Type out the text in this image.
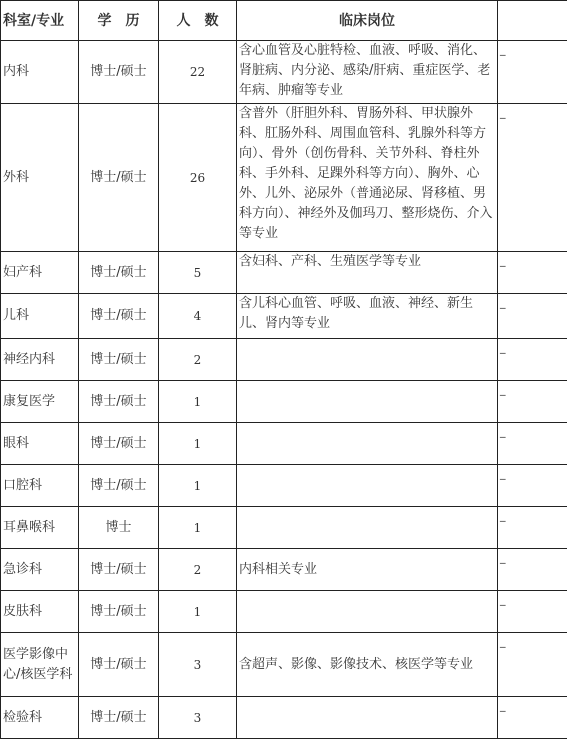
科室/专业	学　历	人　数	临床岗位	
内科	博士/硕士	22	含心血管及心脏特检、血液、呼吸、消化、肾脏病、内分泌、感染/肝病、重症医学、老年病、肿瘤等专业	_
外科	博士/硕士	26	含普外（肝胆外科、胃肠外科、甲状腺外科、肛肠外科、周围血管科、乳腺外科等方向）、骨外（创伤骨科、关节外科、脊柱外科、手外科、足踝外科等方向）、胸外、心外、儿外、泌尿外（普通泌尿、肾移植、男科方向）、神经外及伽玛刀、整形烧伤、介入等专业	_
妇产科	博士/硕士	5	含妇科、产科、生殖医学等专业	_
儿科	博士/硕士	4	含儿科心血管、呼吸、血液、神经、新生儿、肾内等专业	_
神经内科	博士/硕士	2		_
康复医学	博士/硕士	1		_
眼科	博士/硕士	1		_
口腔科	博士/硕士	1		_
耳鼻喉科	博士	1		_
急诊科	博士/硕士	2	内科相关专业	_
皮肤科	博士/硕士	1		_
医学影像中心/核医学科	博士/硕士	3	含超声、影像、影像技术、核医学等专业	_
检验科	博士/硕士	3		_
